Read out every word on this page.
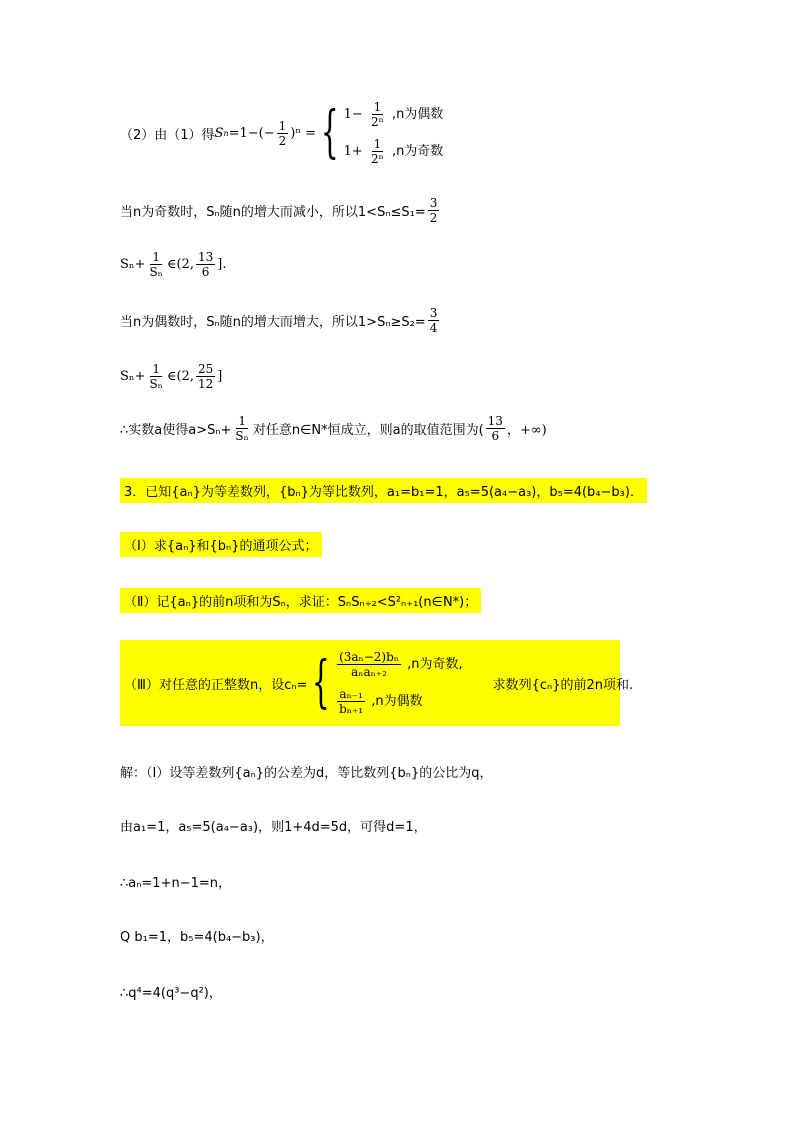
（2）由（1）得 S $n =1-(- \frac{1}{2} )^n$ = { $1- \frac{1}{\text{2ⁿ}} ,n$为偶数
$1+ \frac{1}{\text{2ⁿ}} ,n$为奇数
当n为奇数时，Sₙ随n的增大而减小，所以$1<S_n\le S_1= \frac{3}{2}$
$S_n+ \frac{1}{\text{Sₙ}}$ ∈(2, $\frac{13}{6}$ ].
当n为偶数时，Sₙ随n的增大而增大，所以$1>S_n\ge S_2= \frac{3}{4}$
$S_n+ \frac{1}{\text{Sₙ}}$ ∈(2, $\frac{25}{12}$ ]
∴实数a使得$a>S_n+ \frac{1}{\text{Sₙ}}$ 对任意n∈N*恒成立，则a的取值范围为( $\frac{13}{6}$ ，+∞)
3．已知{aₙ}为等差数列，{bₙ}为等比数列，a₁=b₁=1，a₅=5(a₄−a₃)，b₅=4(b₄−b₃)．
（Ⅰ）求{aₙ}和{bₙ}的通项公式；
（Ⅱ）记{aₙ}的前n项和为Sₙ，求证：SₙSₙ₊₂<S²ₙ₊₁(n∈N*)；
（Ⅲ）对任意的正整数n，设cₙ= { $\frac{\text{(3aₙ−2)bₙ}}{\text{aₙaₙ₊₂}} ,n$为奇数,
$\frac{\text{aₙ₋₁}}{\text{bₙ₊₁}} ,n$为偶数
求数列{cₙ}的前2n项和.
解：（Ⅰ）设等差数列{aₙ}的公差为d，等比数列{bₙ}的公比为q，
由a₁=1，a₅=5(a₄−a₃)，则1+4d=5d，可得d=1，
∴aₙ=1+n−1=n，
Q b₁=1，b₅=4(b₄−b₃)，
∴q⁴=4(q³−q²)，
